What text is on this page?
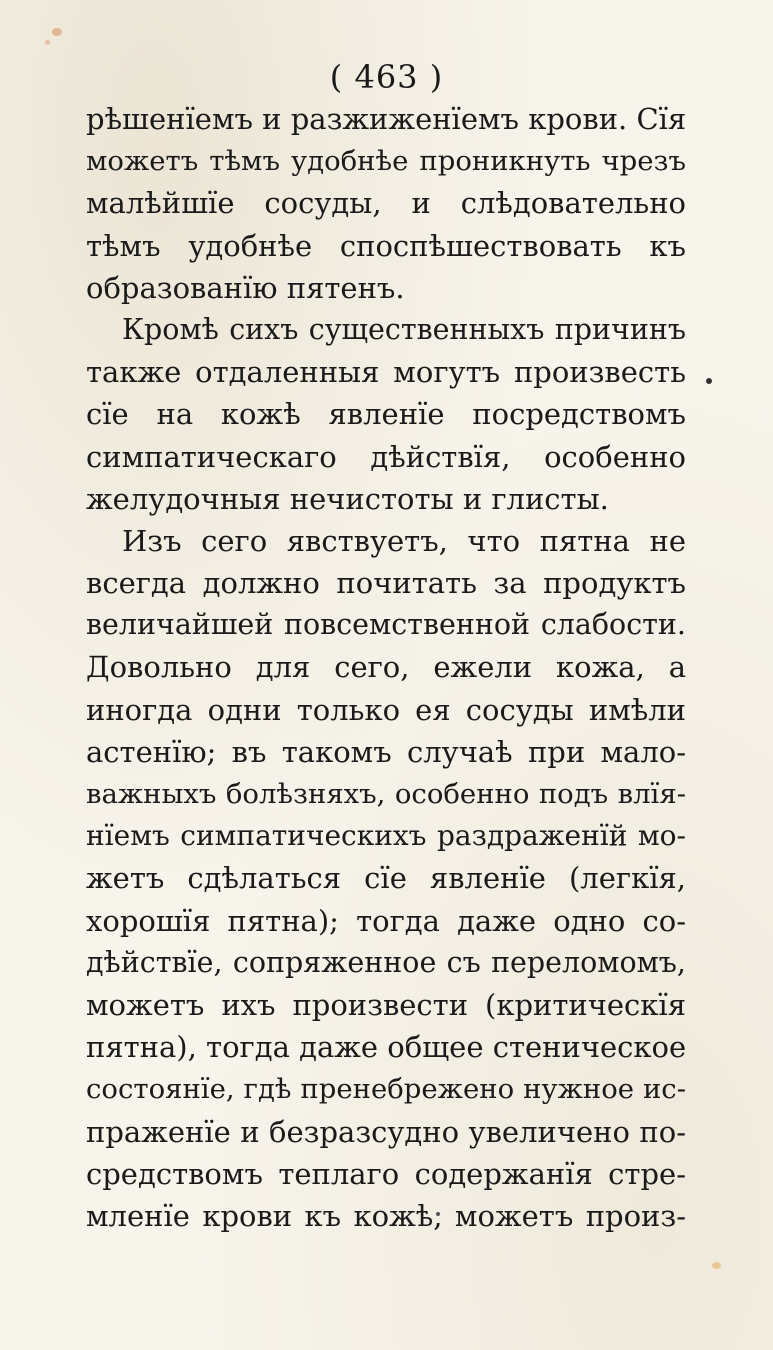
( 463 )
рѣшенїемъ и разжиженїемъ крови. Сїя
можетъ тѣмъ удобнѣе проникнуть чрезъ
малѣйшїе сосуды, и слѣдовательно
тѣмъ удобнѣе споспѣшествовать къ
образованїю пятенъ.
Кромѣ сихъ существенныхъ причинъ
также отдаленныя могутъ произвесть
сїе на кожѣ явленїе посредствомъ
симпатическаго дѣйствїя, особенно
желудочныя нечистоты и глисты.
Изъ сего явствуетъ, что пятна не
всегда должно почитать за продуктъ
величайшей повсемственной слабости.
Довольно для сего, ежели кожа, а
иногда одни только ея сосуды имѣли
астенїю; въ такомъ случаѣ при мало-
важныхъ болѣзняхъ, особенно подъ влїя-
нїемъ симпатическихъ раздраженїй мо-
жетъ сдѣлаться сїе явленїе (легкїя,
хорошїя пятна); тогда даже одно со-
дѣйствїе, сопряженное съ переломомъ,
можетъ ихъ произвести (критическїя
пятна), тогда даже общее стеническое
состоянїе, гдѣ пренебрежено нужное ис-
праженїе и безразсудно увеличено по-
средствомъ теплаго содержанїя стре-
мленїе крови къ кожѣ, можетъ произ-
